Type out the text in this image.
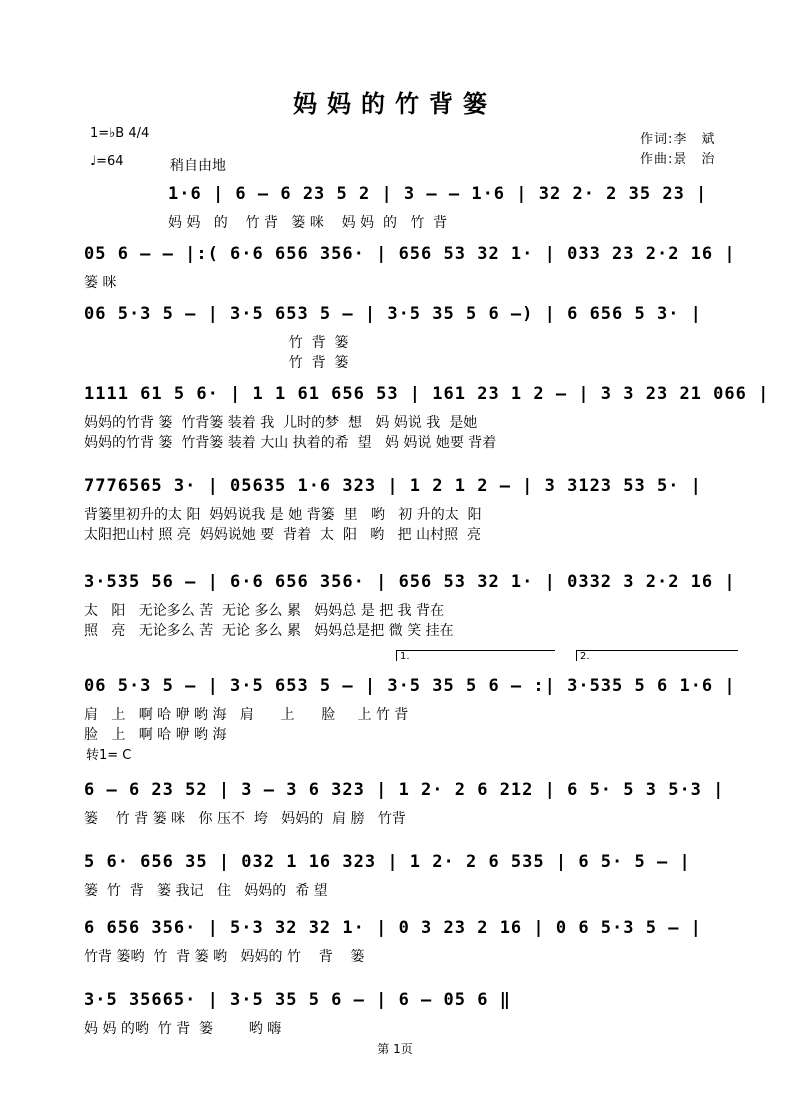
妈妈的竹背篓
1=♭B 4/4
♩=64	稍自由地
作词:李　斌
作曲:景　治
1·6 | 6 – 6 23 5 2 | 3 – – 1·6 | 32 2· 2 35 23 |
妈 妈   的    竹 背   篓 咪    妈 妈  的   竹  背
05 6 – – |:( 6·6 656 356· | 656 53 32 1· | 033 23 2·2 16 |
篓 咪
06 5·3 5 – | 3·5 653 5 – | 3·5 35 5 6 –) | 6 656 5 3· |
竹  背  篓
竹  背  篓
1111 61 5 6· | 1 1 61 656 53 | 161 23 1 2 – | 3 3 23 21 066 |
妈妈的竹背 篓  竹背篓 装着 我  儿时的梦  想   妈 妈说 我  是她
妈妈的竹背 篓  竹背篓 装着 大山 执着的希  望   妈 妈说 她要 背着
7776565 3· | 05635 1·6 323 | 1 2 1 2 – | 3 3123 53 5· |
背篓里初升的太 阳  妈妈说我 是 她 背篓  里   哟   初 升的太  阳
太阳把山村 照 亮  妈妈说她 要  背着  太  阳   哟   把 山村照  亮
3·535 56 – | 6·6 656 356· | 656 53 32 1· | 0332 3 2·2 16 |
太   阳   无论多么 苦  无论 多么 累   妈妈总 是 把 我 背在
照   亮   无论多么 苦  无论 多么 累   妈妈总是把 微 笑 挂在
1.	2.
06 5·3 5 – | 3·5 653 5 – | 3·5 35 5 6 – :| 3·535 5 6 1·6 |
肩   上   啊 哈 咿 哟 海   肩      上      脸     上 竹 背
脸   上   啊 哈 咿 哟 海
转1= C
6 – 6 23 52 | 3 – 3 6 323 | 1 2· 2 6 212 | 6 5· 5 3 5·3 |
篓    竹 背 篓 咪   你 压不  垮   妈妈的  肩 膀   竹背
5 6· 656 35 | 032 1 16 323 | 1 2· 2 6 535 | 6 5· 5 – |
篓  竹  背   篓 我记   住   妈妈的  希 望
6 656 356· | 5·3 32 32 1· | 0 3 23 2 16 | 0 6 5·3 5 – |
竹背 篓哟  竹  背 篓 哟   妈妈的 竹    背    篓
3·5 35665· | 3·5 35 5 6 – | 6 – 05 6 ‖
妈 妈 的哟  竹 背  篓        哟 嗨
第 1页
